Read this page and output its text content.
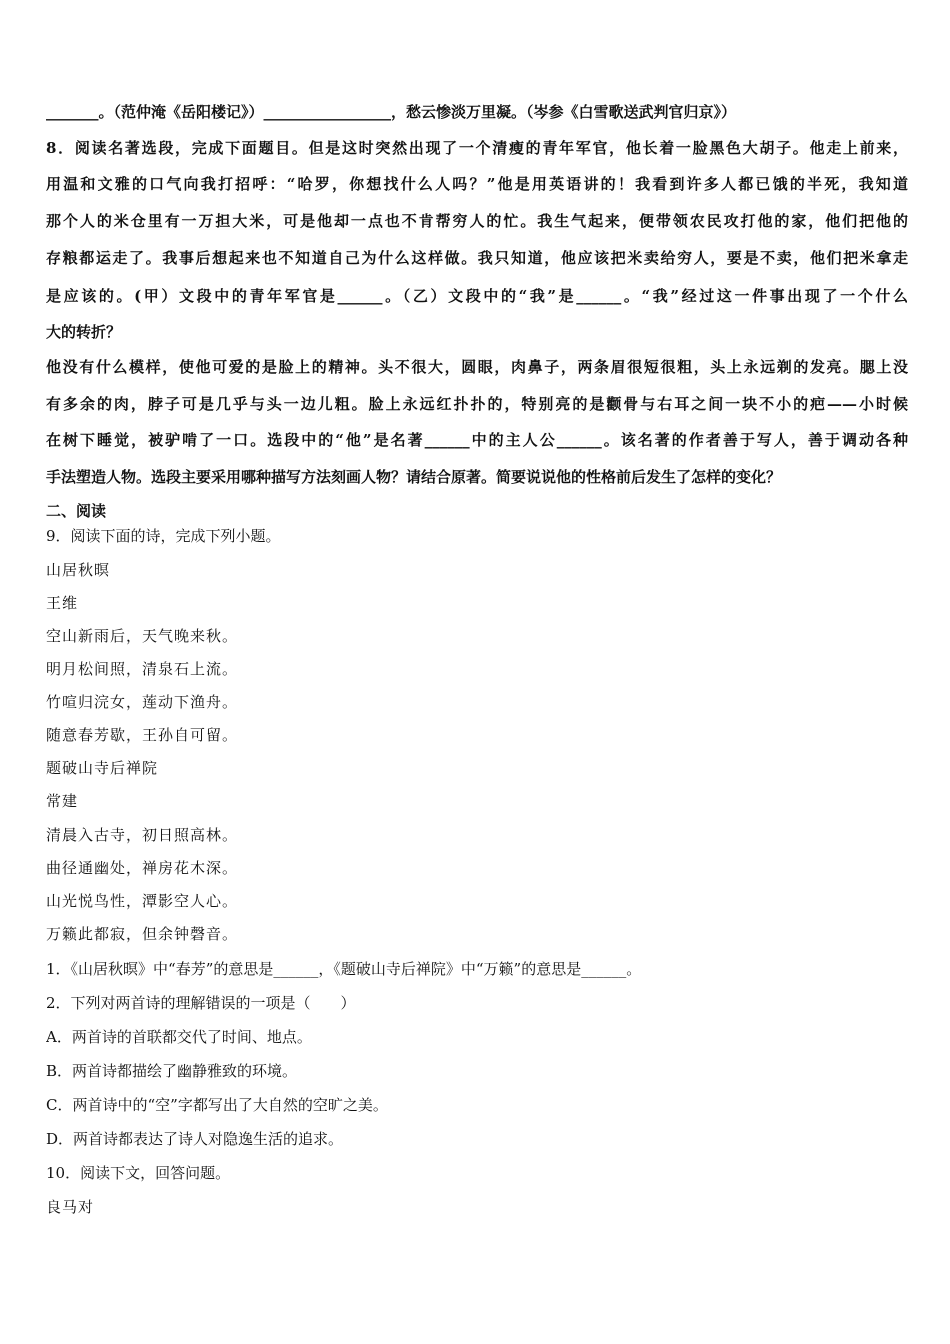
_______。（范仲淹《岳阳楼记》）_________________，愁云惨淡万里凝。（岑参《白雪歌送武判官归京》）
8．阅读名著选段，完成下面题目。但是这时突然出现了一个清瘦的青年军官，他长着一脸黑色大胡子。他走上前来，
用温和文雅的口气向我打招呼：“哈罗，你想找什么人吗？”他是用英语讲的！我看到许多人都已饿的半死，我知道
那个人的米仓里有一万担大米，可是他却一点也不肯帮穷人的忙。我生气起来，便带领农民攻打他的家，他们把他的
存粮都运走了。我事后想起来也不知道自己为什么这样做。我只知道，他应该把米卖给穷人，要是不卖，他们把米拿走
是应该的。(甲）文段中的青年军官是______。（乙）文段中的“我”是______。“我”经过这一件事出现了一个什么
大的转折？
他没有什么模样，使他可爱的是脸上的精神。头不很大，圆眼，肉鼻子，两条眉很短很粗，头上永远剃的发亮。腮上没
有多余的肉，脖子可是几乎与头一边儿粗。脸上永远红扑扑的，特别亮的是颧骨与右耳之间一块不小的疤——小时候
在树下睡觉，被驴啃了一口。选段中的“他”是名著______中的主人公______。该名著的作者善于写人，善于调动各种
手法塑造人物。选段主要采用哪种描写方法刻画人物？请结合原著。简要说说他的性格前后发生了怎样的变化？
二、阅读
9．阅读下面的诗，完成下列小题。
山居秋暝
王维
空山新雨后，天气晚来秋。
明月松间照，清泉石上流。
竹喧归浣女，莲动下渔舟。
随意春芳歇，王孙自可留。
题破山寺后禅院
常建
清晨入古寺，初日照高林。
曲径通幽处，禅房花木深。
山光悦鸟性，潭影空人心。
万籁此都寂，但余钟磬音。
1．《山居秋暝》中“春芳”的意思是______，《题破山寺后禅院》中“万籁”的意思是______。
2．下列对两首诗的理解错误的一项是（　　）
A．两首诗的首联都交代了时间、地点。
B．两首诗都描绘了幽静雅致的环境。
C．两首诗中的“空”字都写出了大自然的空旷之美。
D．两首诗都表达了诗人对隐逸生活的追求。
10．阅读下文，回答问题。
良马对
